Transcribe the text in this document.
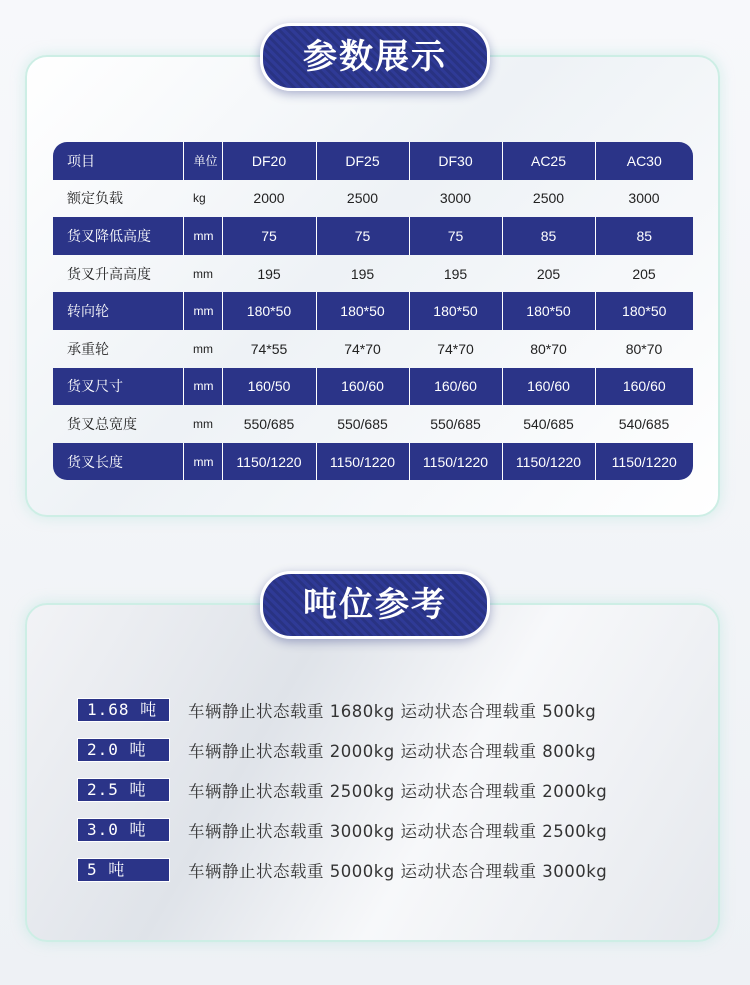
参数展示
项目	单位	DF20	DF25	DF30	AC25	AC30
额定负载	kg	2000	2500	3000	2500	3000
货叉降低高度	mm	75	75	75	85	85
货叉升高高度	mm	195	195	195	205	205
转向轮	mm	180*50	180*50	180*50	180*50	180*50
承重轮	mm	74*55	74*70	74*70	80*70	80*70
货叉尺寸	mm	160/50	160/60	160/60	160/60	160/60
货叉总宽度	mm	550/685	550/685	550/685	540/685	540/685
货叉长度	mm	1150/1220	1150/1220	1150/1220	1150/1220	1150/1220
吨位参考
1.68 吨	车辆静止状态载重 1680kg 运动状态合理载重 500kg
2.0 吨	车辆静止状态载重 2000kg 运动状态合理载重 800kg
2.5 吨	车辆静止状态载重 2500kg 运动状态合理载重 2000kg
3.0 吨	车辆静止状态载重 3000kg 运动状态合理载重 2500kg
5 吨	车辆静止状态载重 5000kg 运动状态合理载重 3000kg
